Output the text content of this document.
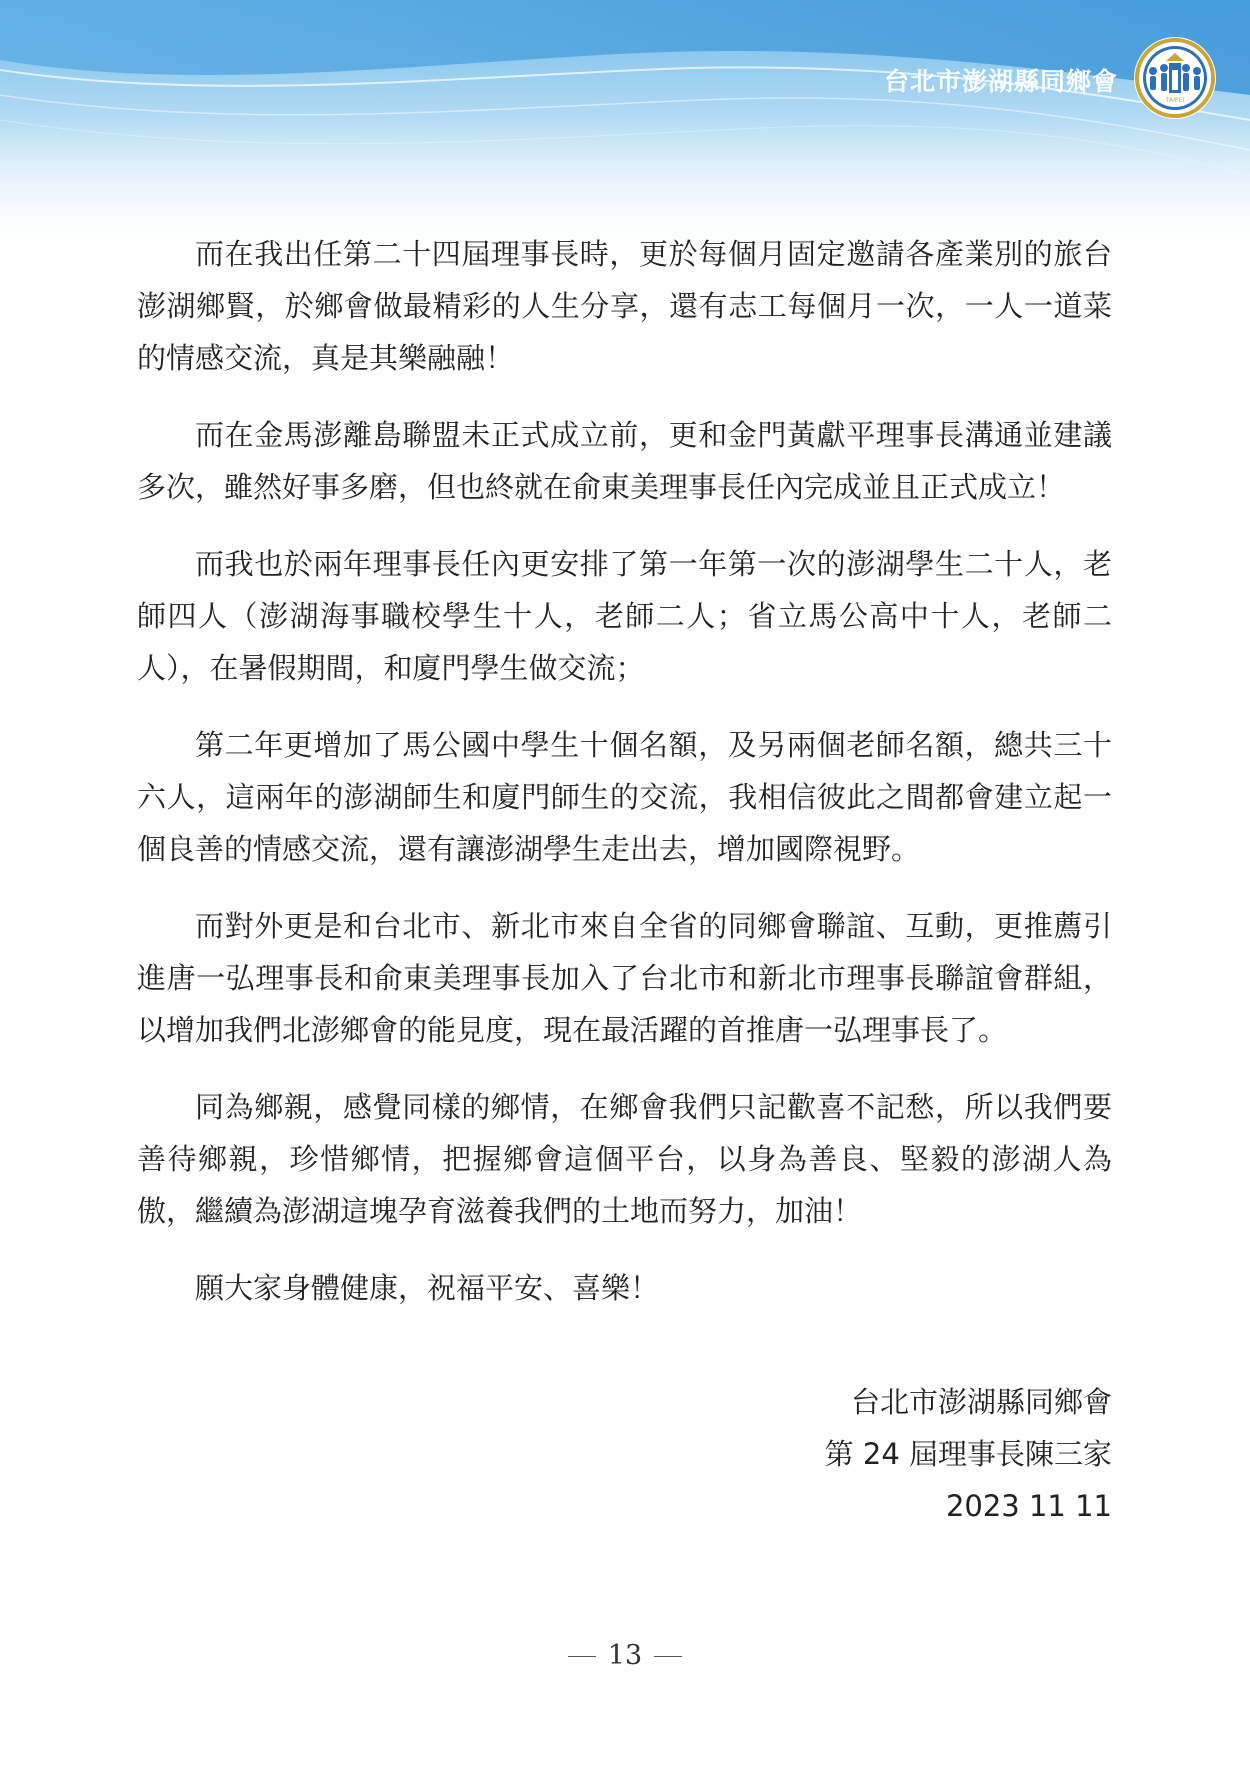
台北市澎湖縣同鄉會
TAIPEI

而在我出任第二十四屆理事長時，更於每個月固定邀請各產業別的旅台澎湖鄉賢，於鄉會做最精彩的人生分享，還有志工每個月一次，一人一道菜的情感交流，真是其樂融融！

而在金馬澎離島聯盟未正式成立前，更和金門黃獻平理事長溝通並建議多次，雖然好事多磨，但也終就在俞東美理事長任內完成並且正式成立！

而我也於兩年理事長任內更安排了第一年第一次的澎湖學生二十人，老師四人（澎湖海事職校學生十人，老師二人；省立馬公高中十人，老師二人），在暑假期間，和廈門學生做交流；

第二年更增加了馬公國中學生十個名額，及另兩個老師名額，總共三十六人，這兩年的澎湖師生和廈門師生的交流，我相信彼此之間都會建立起一個良善的情感交流，還有讓澎湖學生走出去，增加國際視野。

而對外更是和台北市、新北市來自全省的同鄉會聯誼、互動，更推薦引進唐一弘理事長和俞東美理事長加入了台北市和新北市理事長聯誼會群組，以增加我們北澎鄉會的能見度，現在最活躍的首推唐一弘理事長了。

同為鄉親，感覺同樣的鄉情，在鄉會我們只記歡喜不記愁，所以我們要善待鄉親，珍惜鄉情，把握鄉會這個平台，以身為善良、堅毅的澎湖人為傲，繼續為澎湖這塊孕育滋養我們的土地而努力，加油！

願大家身體健康，祝福平安、喜樂！

台北市澎湖縣同鄉會
第 24 屆理事長陳三家
2023 11 11
13
